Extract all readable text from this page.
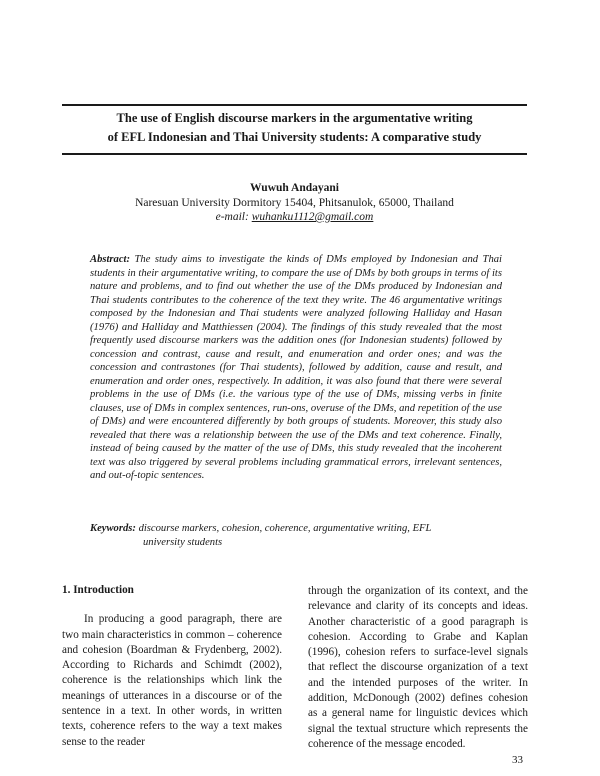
The use of English discourse markers in the argumentative writing
of EFL Indonesian and Thai University students: A comparative study
Wuwuh Andayani
Naresuan University Dormitory 15404, Phitsanulok, 65000, Thailand
e-mail: wuhanku1112@gmail.com
Abstract: The study aims to investigate the kinds of DMs employed by Indonesian and Thai students in their argumentative writing, to compare the use of DMs by both groups in terms of its nature and problems, and to find out whether the use of the DMs produced by Indonesian and Thai students contributes to the coherence of the text they write. The 46 argumentative writings composed by the Indonesian and Thai students were analyzed following Halliday and Hasan (1976) and Halliday and Matthiessen (2004). The findings of this study revealed that the most frequently used discourse markers was the addition ones (for Indonesian students) followed by concession and contrast, cause and result, and enumeration and order ones; and was the concession and contrastones (for Thai students), followed by addition, cause and result, and enumeration and order ones, respectively. In addition, it was also found that there were several problems in the use of DMs (i.e. the various type of the use of DMs, missing verbs in finite clauses, use of DMs in complex sentences, run-ons, overuse of the DMs, and repetition of the use of DMs) and were encountered differently by both groups of students. Moreover, this study also revealed that there was a relationship between the use of the DMs and text coherence. Finally, instead of being caused by the matter of the use of DMs, this study revealed that the incoherent text was also triggered by several problems including grammatical errors, irrelevant sentences, and out-of-topic sentences.
Keywords: discourse markers, cohesion, coherence, argumentative writing, EFL
university students

1. Introduction

In producing a good paragraph, there are two main characteristics in common – coherence and cohesion (Boardman & Frydenberg, 2002). According to Richards and Schimdt (2002), coherence is the relationships which link the meanings of utterances in a discourse or of the sentence in a text. In other words, in written texts, coherence refers to the way a text makes sense to the reader

through the organization of its context, and the relevance and clarity of its concepts and ideas. Another characteristic of a good paragraph is cohesion. According to Grabe and Kaplan (1996), cohesion refers to surface-level signals that reflect the discourse organization of a text and the intended purposes of the writer. In addition, McDonough (2002) defines cohesion as a general name for linguistic devices which signal the textual structure which represents the coherence of the message encoded.

33
